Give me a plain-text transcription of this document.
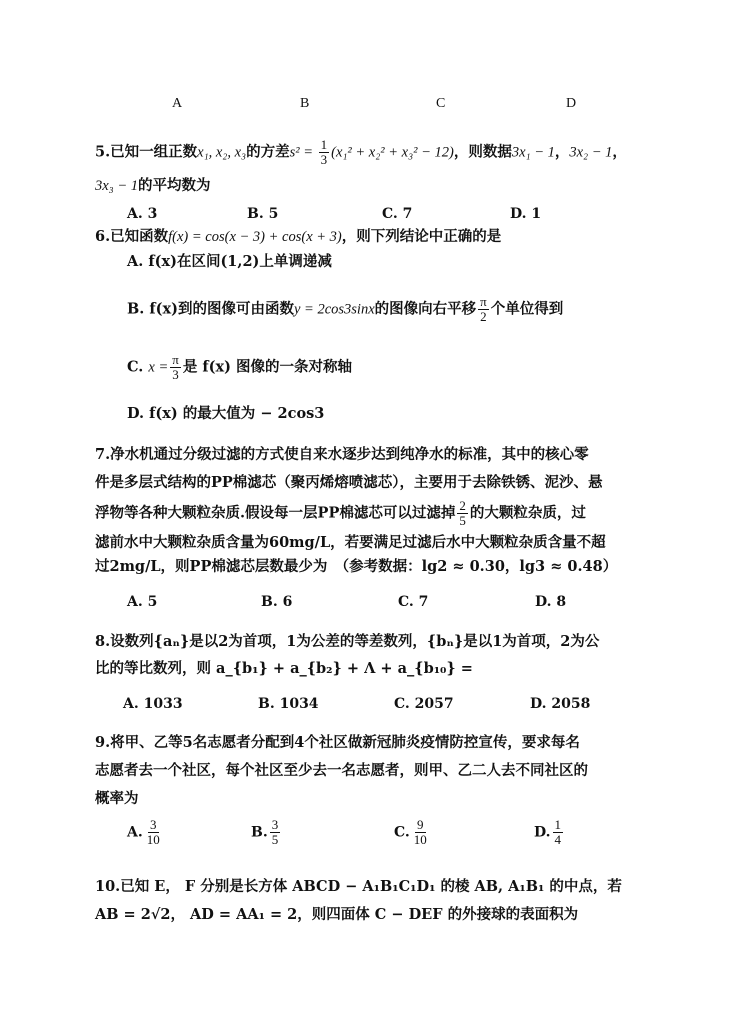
A	B	C	D
5.已知一组正数x₁, x₂, x₃的方差$s^2 = \frac{1}{3} (x_1^2 + x_2^2 + x_3^2 - 12)$，则数据3x₁ − 1，3x₂ − 1，
3x₃ − 1的平均数为
A. 3	B. 5	C. 7	D. 1
6.已知函数f(x) = cos(x − 3) + cos(x + 3)，则下列结论中正确的是
A. f(x)在区间(1,2)上单调递减
B. f(x)到的图像可由函数y = 2cos3sinx的图像向右平移 $\frac{\pi}{2}$ 个单位得到
C. $x = \frac{\pi}{3}$ 是 f(x) 图像的一条对称轴
D. f(x) 的最大值为 − 2cos3
7.净水机通过分级过滤的方式使自来水逐步达到纯净水的标准，其中的核心零
件是多层式结构的PP棉滤芯（聚丙烯熔喷滤芯），主要用于去除铁锈、泥沙、悬
浮物等各种大颗粒杂质.假设每一层PP棉滤芯可以过滤掉 $\frac{2}{5}$ 的大颗粒杂质，过
滤前水中大颗粒杂质含量为60mg/L，若要满足过滤后水中大颗粒杂质含量不超
过2mg/L，则PP棉滤芯层数最少为　（参考数据：lg2 ≈ 0.30，lg3 ≈ 0.48）
A. 5	B. 6	C. 7	D. 8
8.设数列{aₙ}是以2为首项，1为公差的等差数列，{bₙ}是以1为首项，2为公
比的等比数列，则 a_{b₁} + a_{b₂} + Λ + a_{b₁₀} =
A. 1033	B. 1034	C. 2057	D. 2058
9.将甲、乙等5名志愿者分配到4个社区做新冠肺炎疫情防控宣传，要求每名
志愿者去一个社区，每个社区至少去一名志愿者，则甲、乙二人去不同社区的
概率为
A. $\frac{3}{10}$	B. $\frac{3}{5}$	C. $\frac{9}{10}$	D. $\frac{1}{4}$
10.已知 E， F 分别是长方体 ABCD − A₁B₁C₁D₁ 的棱 AB, A₁B₁ 的中点，若
AB = 2√2， AD = AA₁ = 2，则四面体 C − DEF 的外接球的表面积为
